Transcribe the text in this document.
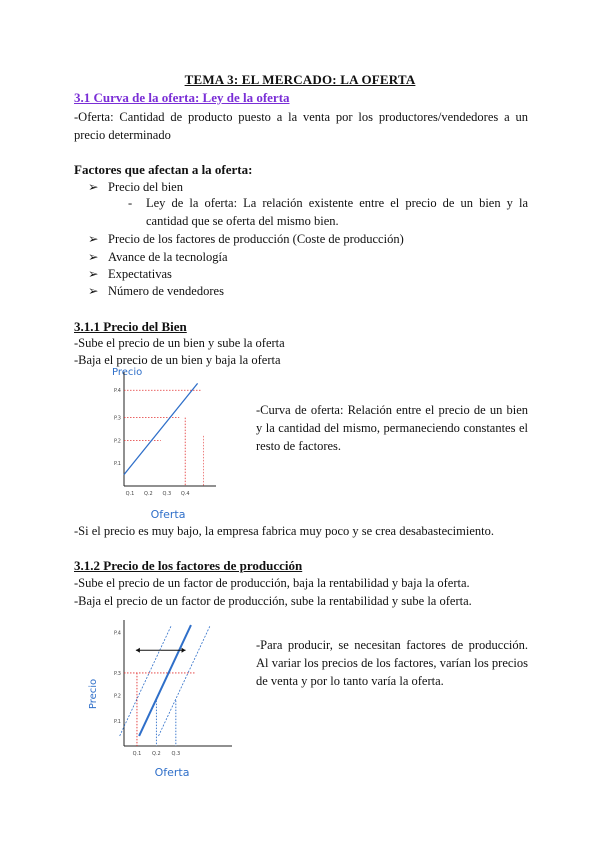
TEMA 3: EL MERCADO: LA OFERTA
3.1 Curva de la oferta: Ley de la oferta
-Oferta: Cantidad de producto puesto a la venta por los productores/vendedores a un precio determinado
Factores que afectan a la oferta:
➢ Precio del bien
-	Ley de la oferta: La relación existente entre el precio de un bien y la cantidad que se oferta del mismo bien.
➢ Precio de los factores de producción (Coste de producción)
➢ Avance de la tecnología
➢ Expectativas
➢ Número de vendedores
3.1.1 Precio del Bien
-Sube el precio de un bien y sube la oferta
-Baja el precio de un bien y baja la oferta
Precio
P.1
P.2
P.3
P.4
Q.1 Q.2 Q.3 Q.4
Oferta
-Curva de oferta: Relación entre el precio de un bien y la cantidad del mismo, permaneciendo constantes el resto de factores.
-Si el precio es muy bajo, la empresa fabrica muy poco y se crea desabastecimiento.
3.1.2 Precio de los factores de producción
-Sube el precio de un factor de producción, baja la rentabilidad y baja la oferta.
-Baja el precio de un factor de producción, sube la rentabilidad y sube la oferta.
Precio
P.1
P.2
P.3
P.4
Q.1 Q.2 Q.3
Oferta
-Para producir, se necesitan factores de producción. Al variar los precios de los factores, varían los precios de venta y por lo tanto varía la oferta.
